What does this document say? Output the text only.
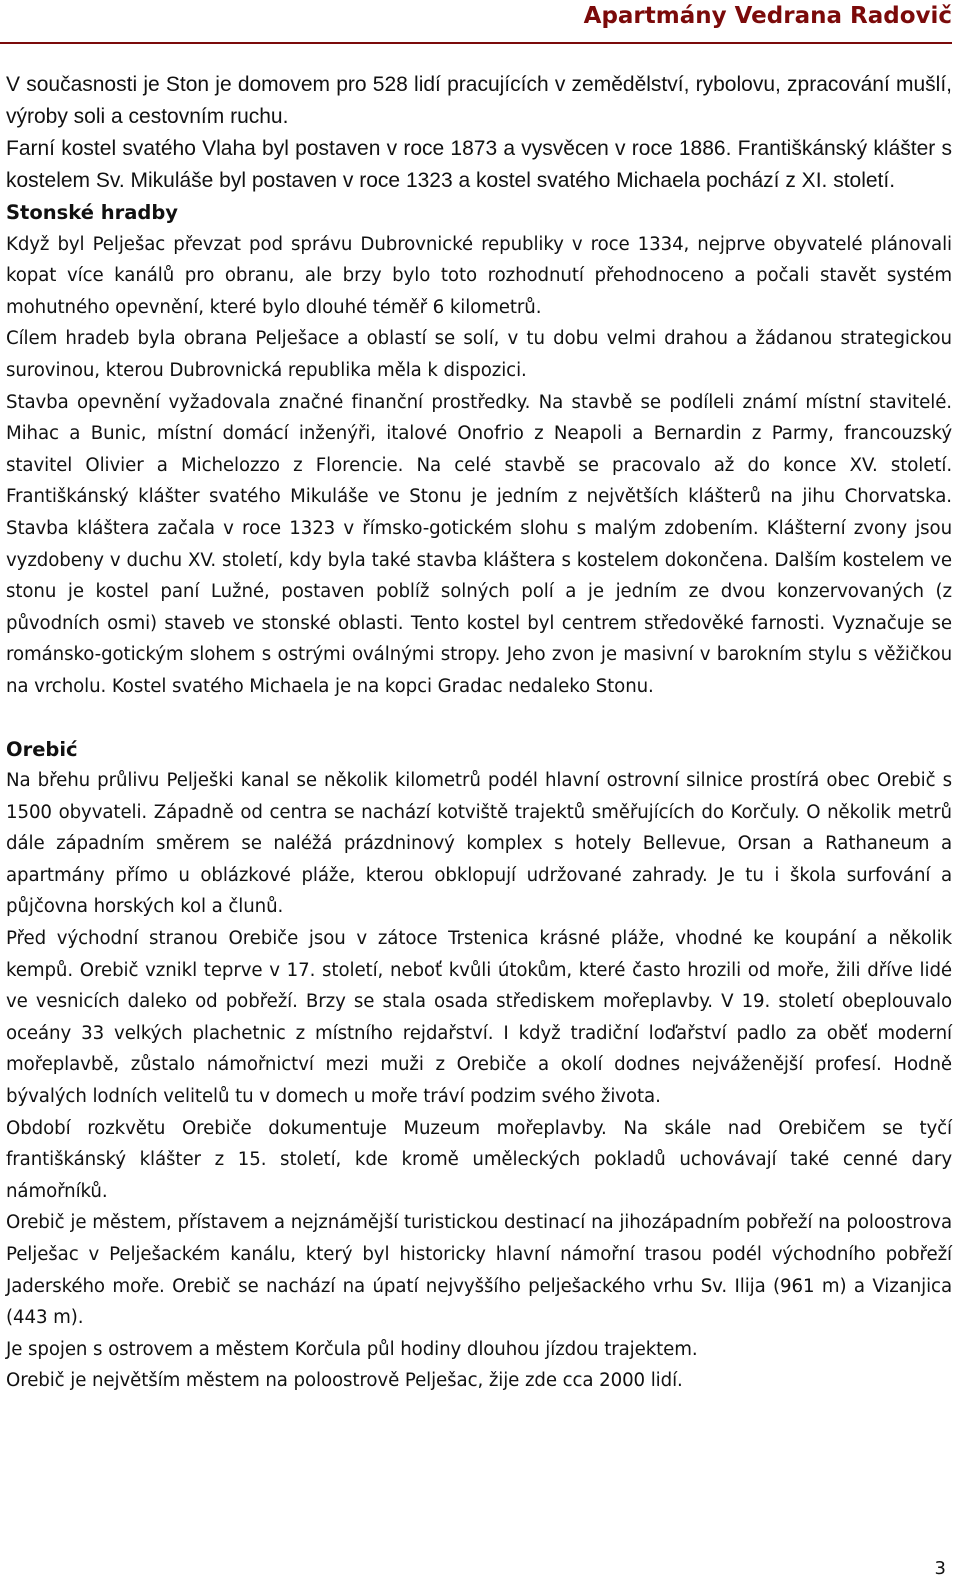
Apartmány Vedrana Radovič

V současnosti je Ston je domovem pro 528 lidí pracujících v zemědělství, rybolovu, zpracování mušlí, výroby soli a cestovním ruchu.

Farní kostel svatého Vlaha byl postaven v roce 1873 a vysvěcen v roce 1886. Františkánský klášter s kostelem Sv. Mikuláše byl postaven v roce 1323 a kostel svatého Michaela pochází z XI. století.

Stonské hradby

Když byl Pelješac převzat pod správu Dubrovnické republiky v roce 1334, nejprve obyvatelé plánovali kopat více kanálů pro obranu, ale brzy bylo toto rozhodnutí přehodnoceno a počali stavět systém mohutného opevnění, které bylo dlouhé téměř 6 kilometrů.

Cílem hradeb byla obrana Pelješace a oblastí se solí, v tu dobu velmi drahou a žádanou strategickou surovinou, kterou Dubrovnická republika měla k dispozici.

Stavba opevnění vyžadovala značné finanční prostředky. Na stavbě se podíleli známí místní stavitelé. Mihac a Bunic, místní domácí inženýři, italové Onofrio z Neapoli a Bernardin z Parmy, francouzský stavitel Olivier a Michelozzo z Florencie. Na celé stavbě se pracovalo až do konce XV. století. Františkánský klášter svatého Mikuláše ve Stonu je jedním z největších klášterů na jihu Chorvatska. Stavba kláštera začala v roce 1323 v římsko-gotickém slohu s malým zdobením. Klášterní zvony jsou vyzdobeny v duchu XV. století, kdy byla také stavba kláštera s kostelem dokončena. Dalším kostelem ve stonu je kostel paní Lužné, postaven poblíž solných polí a je jedním ze dvou konzervovaných (z původních osmi) staveb ve stonské oblasti. Tento kostel byl centrem středověké farnosti. Vyznačuje se románsko-gotickým slohem s ostrými oválnými stropy. Jeho zvon je masivní v barokním stylu s věžičkou na vrcholu. Kostel svatého Michaela je na kopci Gradac nedaleko Stonu.

Orebić

Na břehu průlivu Pelješki kanal se několik kilometrů podél hlavní ostrovní silnice prostírá obec Orebič s 1500 obyvateli. Západně od centra se nachází kotviště trajektů směřujících do Korčuly. O několik metrů dále západním směrem se naléžá prázdninový komplex s hotely Bellevue, Orsan a Rathaneum a apartmány přímo u oblázkové pláže, kterou obklopují udržované zahrady. Je tu i škola surfování a půjčovna horských kol a člunů.

Před východní stranou Orebiče jsou v zátoce Trstenica krásné pláže, vhodné ke koupání a několik kempů. Orebič vznikl teprve v 17. století, neboť kvůli útokům, které často hrozili od moře, žili dříve lidé ve vesnicích daleko od pobřeží. Brzy se stala osada střediskem mořeplavby. V 19. století obeplouvalo oceány 33 velkých plachetnic z místního rejdařství. I když tradiční loďařství padlo za oběť moderní mořeplavbě, zůstalo námořnictví mezi muži z Orebiče a okolí dodnes nejváženější profesí. Hodně bývalých lodních velitelů tu v domech u moře tráví podzim svého života.

Období rozkvětu Orebiče dokumentuje Muzeum mořeplavby. Na skále nad Orebičem se tyčí františkánský klášter z 15. století, kde kromě uměleckých pokladů uchovávají také cenné dary námořníků.

Orebič je městem, přístavem a nejznámější turistickou destinací na jihozápadním pobřeží na poloostrova Pelješac v Pelješackém kanálu, který byl historicky hlavní námořní trasou podél východního pobřeží Jaderského moře. Orebič se nachází na úpatí nejvyššího pelješackého vrhu Sv. Ilija (961 m) a Vizanjica (443 m).

Je spojen s ostrovem a městem Korčula půl hodiny dlouhou jízdou trajektem.

Orebič je největším městem na poloostrově Pelješac, žije zde cca 2000 lidí.

3
